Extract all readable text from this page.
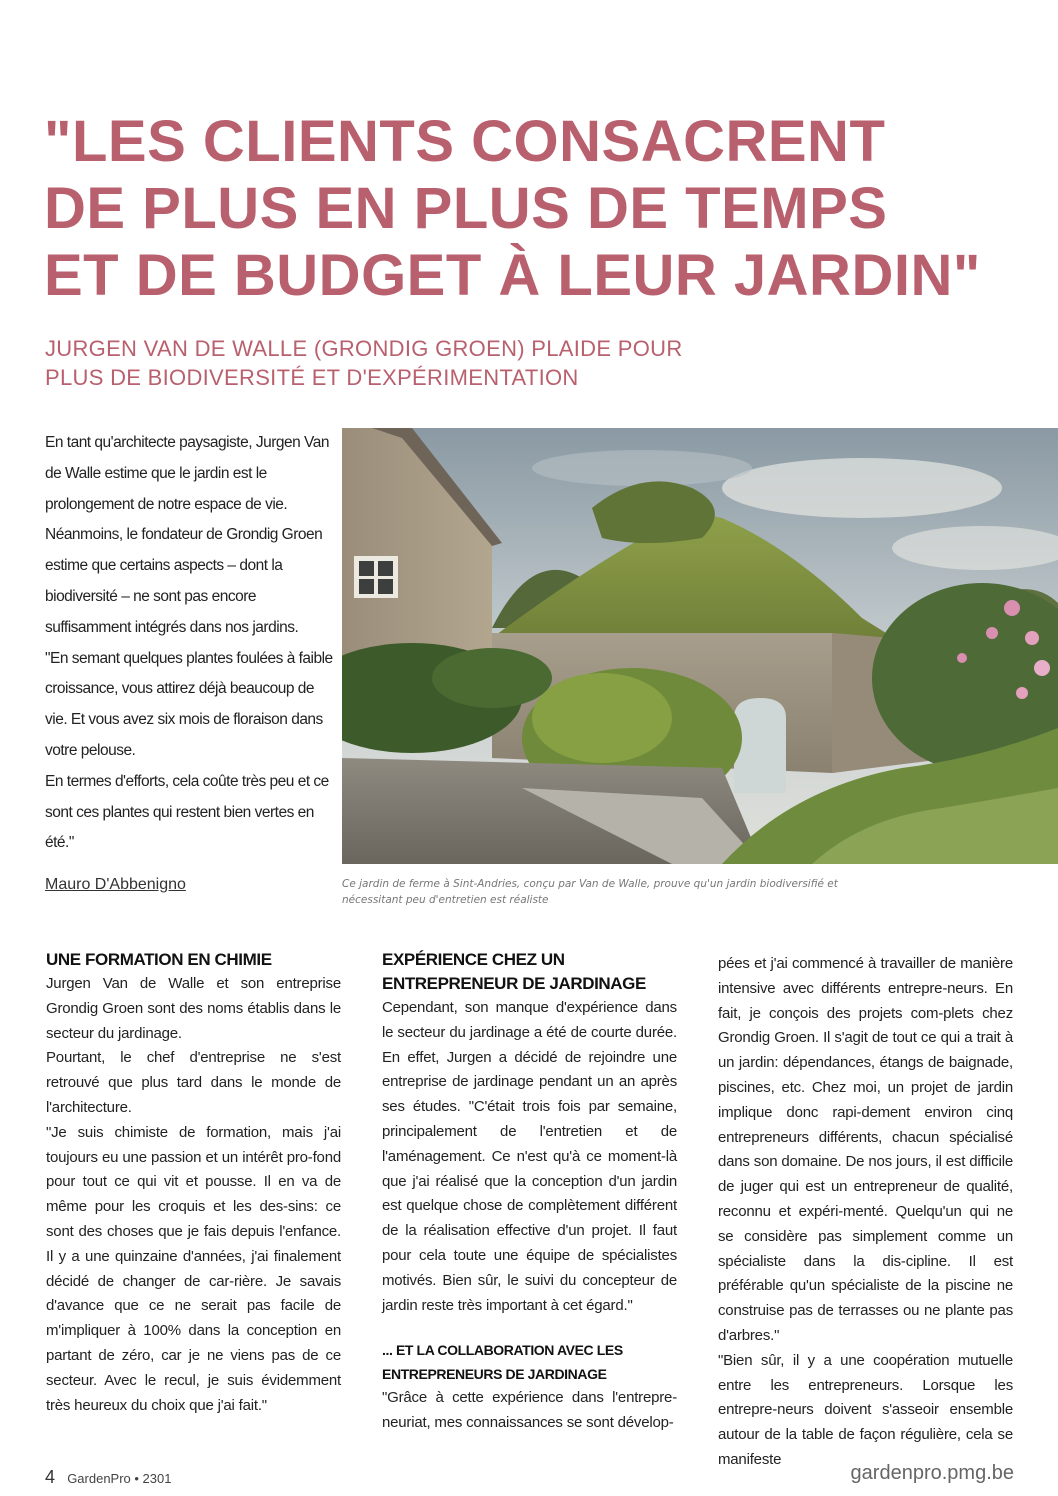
"LES CLIENTS CONSACRENT
DE PLUS EN PLUS DE TEMPS
ET DE BUDGET À LEUR JARDIN"
JURGEN VAN DE WALLE (GRONDIG GROEN) PLAIDE POUR
PLUS DE BIODIVERSITÉ ET D'EXPÉRIMENTATION

En tant qu'architecte paysagiste, Jurgen Van de Walle estime que le jardin est le prolongement de notre espace de vie. Néanmoins, le fondateur de Grondig Groen estime que certains aspects – dont la biodiversité – ne sont pas encore suffisamment intégrés dans nos jardins.

"En semant quelques plantes foulées à faible croissance, vous attirez déjà beaucoup de vie. Et vous avez six mois de floraison dans votre pelouse.

En termes d'efforts, cela coûte très peu et ce sont ces plantes qui restent bien vertes en été."

Mauro D'Abbenigno	Ce jardin de ferme à Sint-Andries, conçu par Van de Walle, prouve qu'un jardin biodiversifié et nécessitant peu d'entretien est réaliste
UNE FORMATION EN CHIMIE

Jurgen Van de Walle et son entreprise Grondig Groen sont des noms établis dans le secteur du jardinage.

Pourtant, le chef d'entreprise ne s'est retrouvé que plus tard dans le monde de l'architecture.

"Je suis chimiste de formation, mais j'ai toujours eu une passion et un intérêt pro-fond pour tout ce qui vit et pousse. Il en va de même pour les croquis et les des-sins: ce sont des choses que je fais depuis l'enfance. Il y a une quinzaine d'années, j'ai finalement décidé de changer de car-rière. Je savais d'avance que ce ne serait pas facile de m'impliquer à 100% dans la conception en partant de zéro, car je ne viens pas de ce secteur. Avec le recul, je suis évidemment très heureux du choix que j'ai fait."

EXPÉRIENCE CHEZ UN ENTREPRENEUR DE JARDINAGE

Cependant, son manque d'expérience dans le secteur du jardinage a été de courte durée. En effet, Jurgen a décidé de rejoindre une entreprise de jardinage pendant un an après ses études. "C'était trois fois par semaine, principalement de l'entretien et de l'aménagement. Ce n'est qu'à ce moment-là que j'ai réalisé que la conception d'un jardin est quelque chose de complètement différent de la réalisation effective d'un projet. Il faut pour cela toute une équipe de spécialistes motivés. Bien sûr, le suivi du concepteur de jardin reste très important à cet égard."

... ET LA COLLABORATION AVEC LES ENTREPRENEURS DE JARDINAGE

"Grâce à cette expérience dans l'entrepre-neuriat, mes connaissances se sont dévelop-

pées et j'ai commencé à travailler de manière intensive avec différents entrepre-neurs. En fait, je conçois des projets com-plets chez Grondig Groen. Il s'agit de tout ce qui a trait à un jardin: dépendances, étangs de baignade, piscines, etc. Chez moi, un projet de jardin implique donc rapi-dement environ cinq entrepreneurs différents, chacun spécialisé dans son domaine. De nos jours, il est difficile de juger qui est un entrepreneur de qualité, reconnu et expéri-menté. Quelqu'un qui ne se considère pas simplement comme un spécialiste dans la dis-cipline. Il est préférable qu'un spécialiste de la piscine ne construise pas de terrasses ou ne plante pas d'arbres."

"Bien sûr, il y a une coopération mutuelle entre les entrepreneurs. Lorsque les entrepre-neurs doivent s'asseoir ensemble autour de la table de façon régulière, cela se manifeste

4 GardenPro • 2301	gardenpro.pmg.be
